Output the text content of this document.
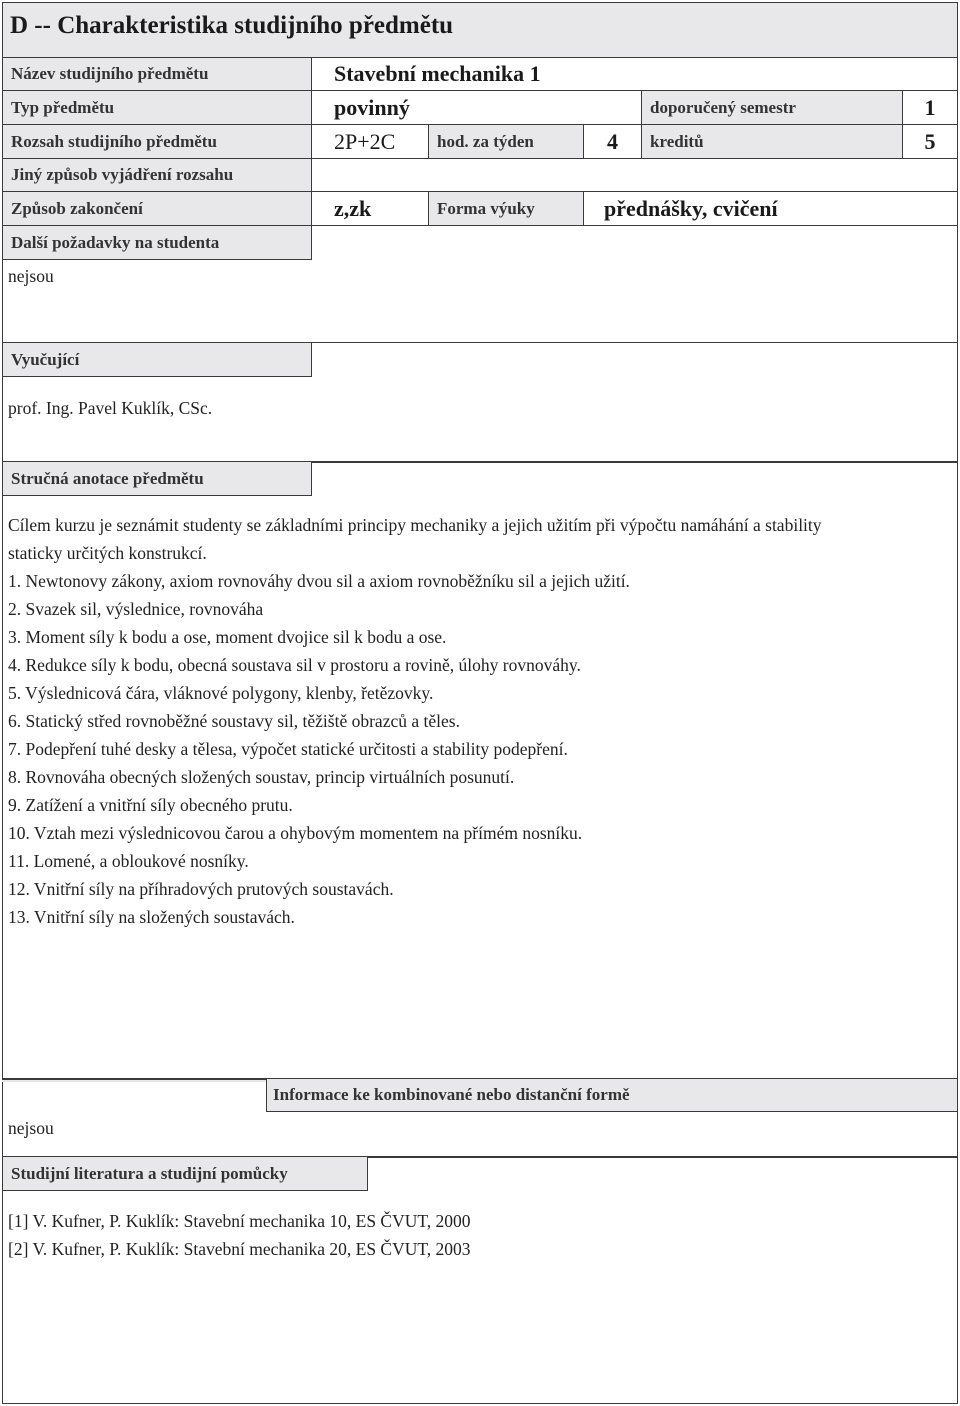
D -- Charakteristika studijního předmětu
Název studijního předmětu	Stavební mechanika 1
Typ předmětu	povinný	doporučený semestr	1
Rozsah studijního předmětu	2P+2C	hod. za týden	4	kreditů	5
Jiný způsob vyjádření rozsahu
Způsob zakončení	z,zk	Forma výuky	přednášky, cvičení
Další požadavky na studenta
nejsou
Vyučující
prof. Ing. Pavel Kuklík, CSc.
Stručná anotace předmětu
Cílem kurzu je seznámit studenty se základními principy mechaniky a jejich užitím při výpočtu namáhání a stability
staticky určitých konstrukcí.
1. Newtonovy zákony, axiom rovnováhy dvou sil a axiom rovnoběžníku sil a jejich užití.
2. Svazek sil, výslednice, rovnováha
3. Moment síly k bodu a ose, moment dvojice sil k bodu a ose.
4. Redukce síly k bodu, obecná soustava sil v prostoru a rovině, úlohy rovnováhy.
5. Výslednicová čára, vláknové polygony, klenby, řetězovky.
6. Statický střed rovnoběžné soustavy sil, těžiště obrazců a těles.
7. Podepření tuhé desky a tělesa, výpočet statické určitosti a stability podepření.
8. Rovnováha obecných složených soustav, princip virtuálních posunutí.
9. Zatížení a vnitřní síly obecného prutu.
10. Vztah mezi výslednicovou čarou a ohybovým momentem na přímém nosníku.
11. Lomené, a obloukové nosníky.
12. Vnitřní síly na příhradových prutových soustavách.
13. Vnitřní síly na složených soustavách.
Informace ke kombinované nebo distanční formě
nejsou
Studijní literatura a studijní pomůcky
[1] V. Kufner, P. Kuklík: Stavební mechanika 10, ES ČVUT, 2000
[2] V. Kufner, P. Kuklík: Stavební mechanika 20, ES ČVUT, 2003
